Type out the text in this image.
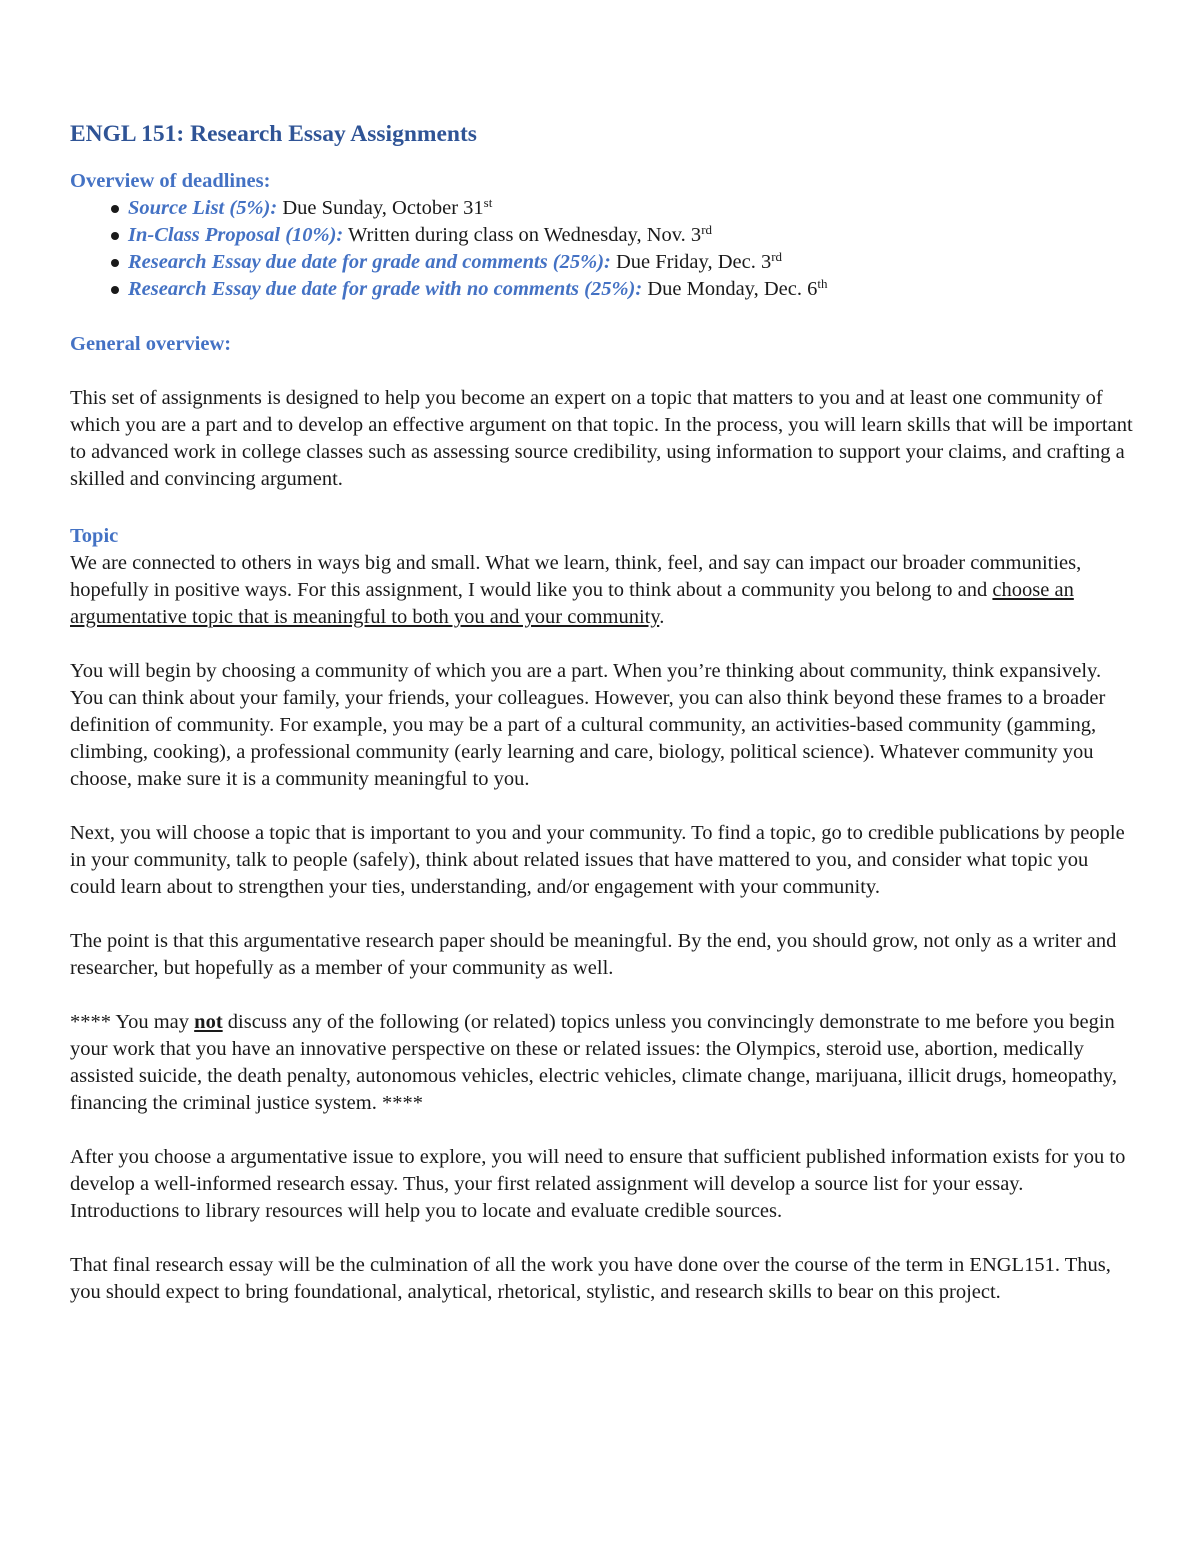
ENGL 151: Research Essay Assignments
Overview of deadlines:
Source List (5%): Due Sunday, October 31st
In-Class Proposal (10%): Written during class on Wednesday, Nov. 3rd
Research Essay due date for grade and comments (25%): Due Friday, Dec. 3rd
Research Essay due date for grade with no comments (25%): Due Monday, Dec. 6th
General overview:

This set of assignments is designed to help you become an expert on a topic that matters to you and at least one community of which you are a part and to develop an effective argument on that topic. In the process, you will learn skills that will be important to advanced work in college classes such as assessing source credibility, using information to support your claims, and crafting a skilled and convincing argument.

Topic

We are connected to others in ways big and small. What we learn, think, feel, and say can impact our broader communities, hopefully in positive ways. For this assignment, I would like you to think about a community you belong to and choose an argumentative topic that is meaningful to both you and your community.

You will begin by choosing a community of which you are a part. When you’re thinking about community, think expansively. You can think about your family, your friends, your colleagues. However, you can also think beyond these frames to a broader definition of community. For example, you may be a part of a cultural community, an activities-based community (gamming, climbing, cooking), a professional community (early learning and care, biology, political science). Whatever community you choose, make sure it is a community meaningful to you.

Next, you will choose a topic that is important to you and your community. To find a topic, go to credible publications by people in your community, talk to people (safely), think about related issues that have mattered to you, and consider what topic you could learn about to strengthen your ties, understanding, and/or engagement with your community.

The point is that this argumentative research paper should be meaningful. By the end, you should grow, not only as a writer and researcher, but hopefully as a member of your community as well.

**** You may not discuss any of the following (or related) topics unless you convincingly demonstrate to me before you begin your work that you have an innovative perspective on these or related issues: the Olympics, steroid use, abortion, medically assisted suicide, the death penalty, autonomous vehicles, electric vehicles, climate change, marijuana, illicit drugs, homeopathy, financing the criminal justice system. ****

After you choose a argumentative issue to explore, you will need to ensure that sufficient published information exists for you to develop a well-informed research essay. Thus, your first related assignment will develop a source list for your essay. Introductions to library resources will help you to locate and evaluate credible sources.

That final research essay will be the culmination of all the work you have done over the course of the term in ENGL151. Thus, you should expect to bring foundational, analytical, rhetorical, stylistic, and research skills to bear on this project.
